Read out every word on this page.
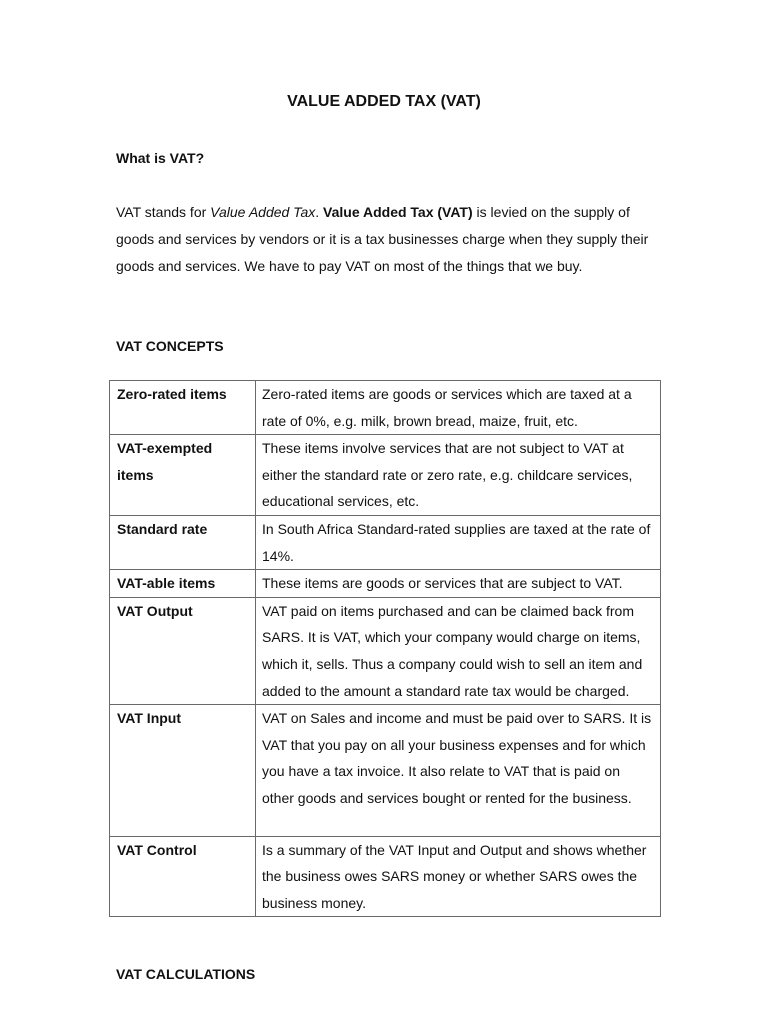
VALUE ADDED TAX (VAT)
What is VAT?
VAT stands for Value Added Tax. Value Added Tax (VAT) is levied on the supply of goods and services by vendors or it is a tax businesses charge when they supply their goods and services. We have to pay VAT on most of the things that we buy.
VAT CONCEPTS
Zero-rated items	Zero-rated items are goods or services which are taxed at a rate of 0%, e.g. milk, brown bread, maize, fruit, etc.
VAT-exempted items	These items involve services that are not subject to VAT at either the standard rate or zero rate, e.g. childcare services, educational services, etc.
Standard rate	In South Africa Standard-rated supplies are taxed at the rate of 14%.
VAT-able items	These items are goods or services that are subject to VAT.
VAT Output	VAT paid on items purchased and can be claimed back from SARS. It is VAT, which your company would charge on items, which it, sells. Thus a company could wish to sell an item and added to the amount a standard rate tax would be charged.
VAT Input	VAT on Sales and income and must be paid over to SARS. It is VAT that you pay on all your business expenses and for which you have a tax invoice. It also relate to VAT that is paid on other goods and services bought or rented for the business.
VAT Control	Is a summary of the VAT Input and Output and shows whether the business owes SARS money or whether SARS owes the business money.
VAT CALCULATIONS
